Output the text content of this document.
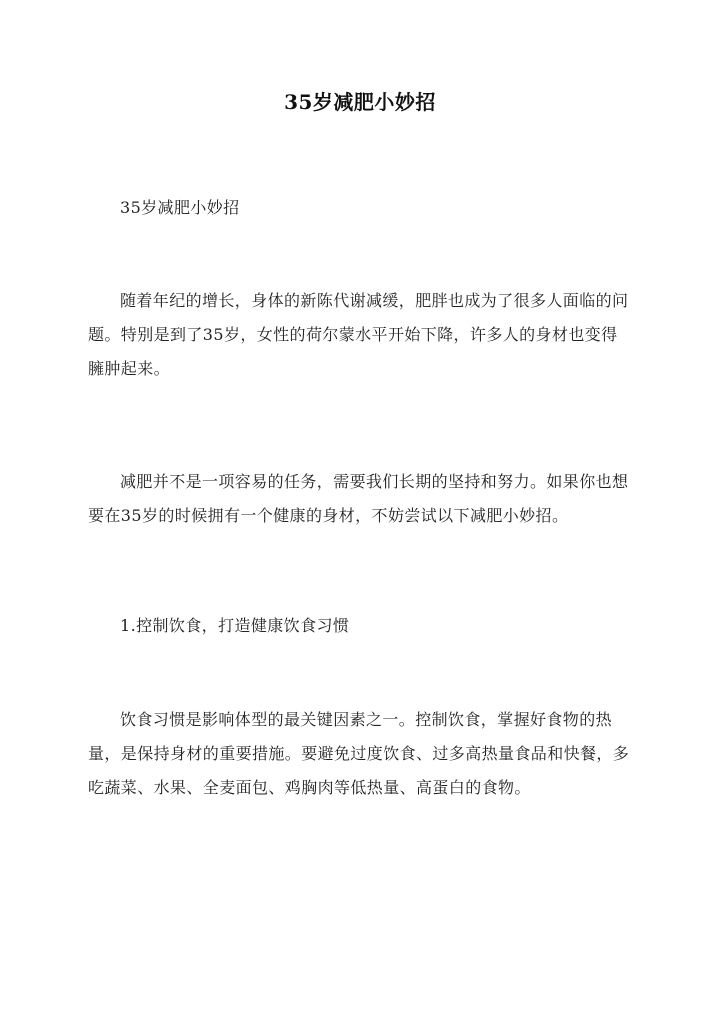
35岁减肥小妙招

35岁减肥小妙招

随着年纪的增长，身体的新陈代谢减缓，肥胖也成为了很多人面临的问题。特别是到了35岁，女性的荷尔蒙水平开始下降，许多人的身材也变得臃肿起来。

减肥并不是一项容易的任务，需要我们长期的坚持和努力。如果你也想要在35岁的时候拥有一个健康的身材，不妨尝试以下减肥小妙招。

1.控制饮食，打造健康饮食习惯

饮食习惯是影响体型的最关键因素之一。控制饮食，掌握好食物的热量，是保持身材的重要措施。要避免过度饮食、过多高热量食品和快餐，多吃蔬菜、水果、全麦面包、鸡胸肉等低热量、高蛋白的食物。
